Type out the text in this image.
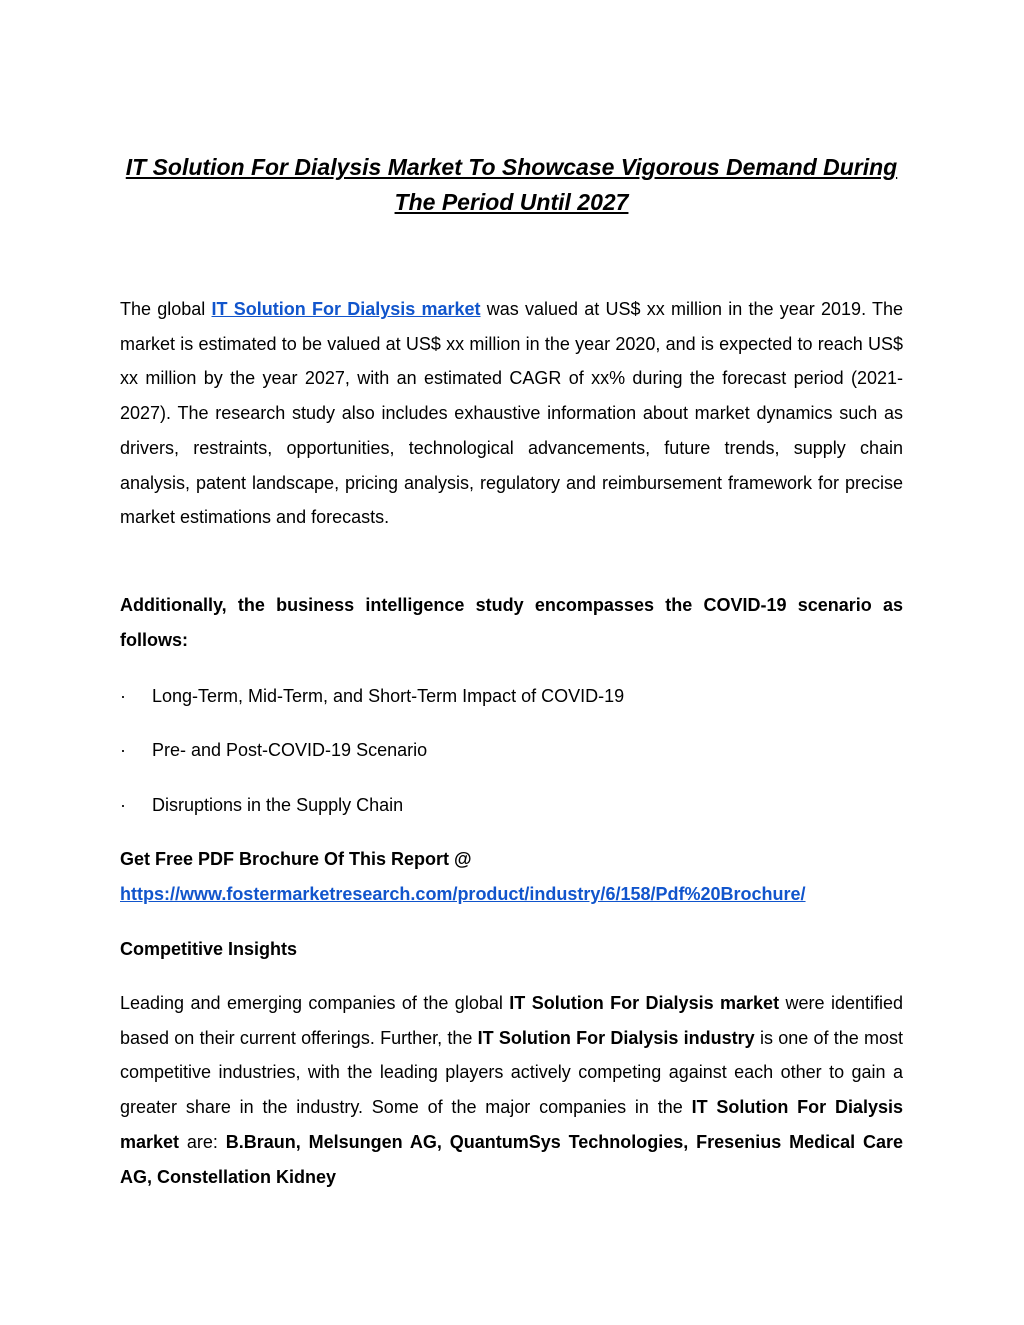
IT Solution For Dialysis Market To Showcase Vigorous Demand During The Period Until 2027

The global IT Solution For Dialysis market was valued at US$ xx million in the year 2019. The market is estimated to be valued at US$ xx million in the year 2020, and is expected to reach US$ xx million by the year 2027, with an estimated CAGR of xx% during the forecast period (2021-2027). The research study also includes exhaustive information about market dynamics such as drivers, restraints, opportunities, technological advancements, future trends, supply chain analysis, patent landscape, pricing analysis, regulatory and reimbursement framework for precise market estimations and forecasts.

Additionally, the business intelligence study encompasses the COVID-19 scenario as follows:

· Long-Term, Mid-Term, and Short-Term Impact of COVID-19

· Pre- and Post-COVID-19 Scenario

· Disruptions in the Supply Chain

Get Free PDF Brochure Of This Report @
https://www.fostermarketresearch.com/product/industry/6/158/Pdf%20Brochure/

Competitive Insights

Leading and emerging companies of the global IT Solution For Dialysis market were identified based on their current offerings. Further, the IT Solution For Dialysis industry is one of the most competitive industries, with the leading players actively competing against each other to gain a greater share in the industry. Some of the major companies in the IT Solution For Dialysis market are: B.Braun, Melsungen AG, QuantumSys Technologies, Fresenius Medical Care AG, Constellation Kidney
